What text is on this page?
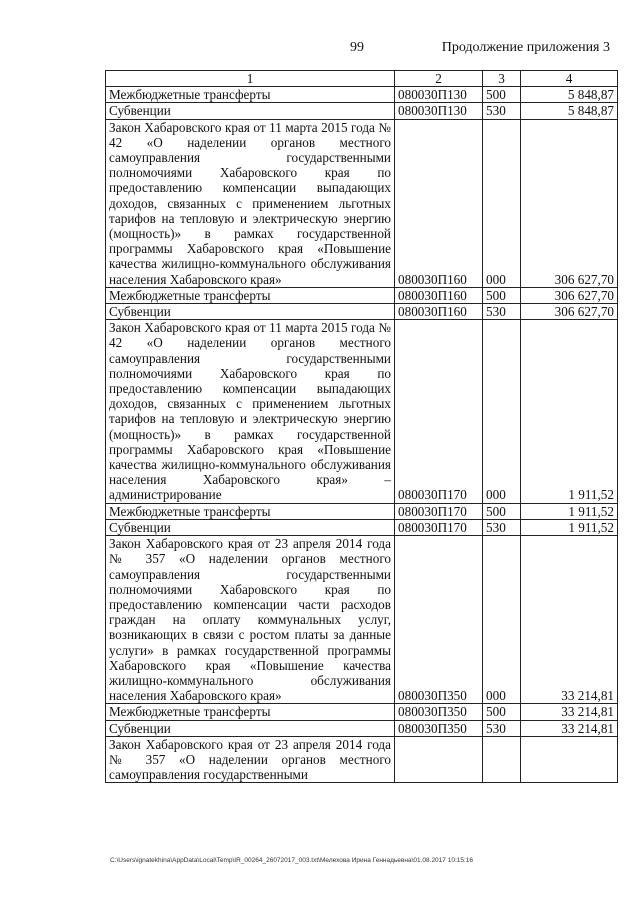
99	Продолжение приложения 3
1	2	3	4
Межбюджетные трансферты	080030П130	500	5 848,87
Субвенции	080030П130	530	5 848,87
Закон Хабаровского края от 11 марта 2015 года № 42 «О наделении органов местного самоуправления государственными полномочиями Хабаровского края по предоставлению компенсации выпадающих доходов, связанных с применением льготных тарифов на тепловую и электрическую энергию (мощность)» в рамках государственной программы Хабаровского края «Повышение качества жилищно-коммунального обслуживания населения Хабаровского края»	080030П160	000	306 627,70
Межбюджетные трансферты	080030П160	500	306 627,70
Субвенции	080030П160	530	306 627,70
Закон Хабаровского края от 11 марта 2015 года № 42 «О наделении органов местного самоуправления государственными полномочиями Хабаровского края по предоставлению компенсации выпадающих доходов, связанных с применением льготных тарифов на тепловую и электрическую энергию (мощность)» в рамках государственной программы Хабаровского края «Повышение качества жилищно-коммунального обслуживания населения Хабаровского края» – администрирование	080030П170	000	1 911,52
Межбюджетные трансферты	080030П170	500	1 911,52
Субвенции	080030П170	530	1 911,52
Закон Хабаровского края от 23 апреля 2014 года № 357 «О наделении органов местного самоуправления государственными полномочиями Хабаровского края по предоставлению компенсации части расходов граждан на оплату коммунальных услуг, возникающих в связи с ростом платы за данные услуги» в рамках государственной программы Хабаровского края «Повышение качества жилищно-коммунального обслуживания населения Хабаровского края»	080030П350	000	33 214,81
Межбюджетные трансферты	080030П350	500	33 214,81
Субвенции	080030П350	530	33 214,81
Закон Хабаровского края от 23 апреля 2014 года № 357 «О наделении органов местного самоуправления государственными			
C:\Users\ignatekhina\AppData\Local\Temp\IR_00264_26072017_003.txt\Мелехова Ирина Геннадьевна\01.08.2017 10:15:16
